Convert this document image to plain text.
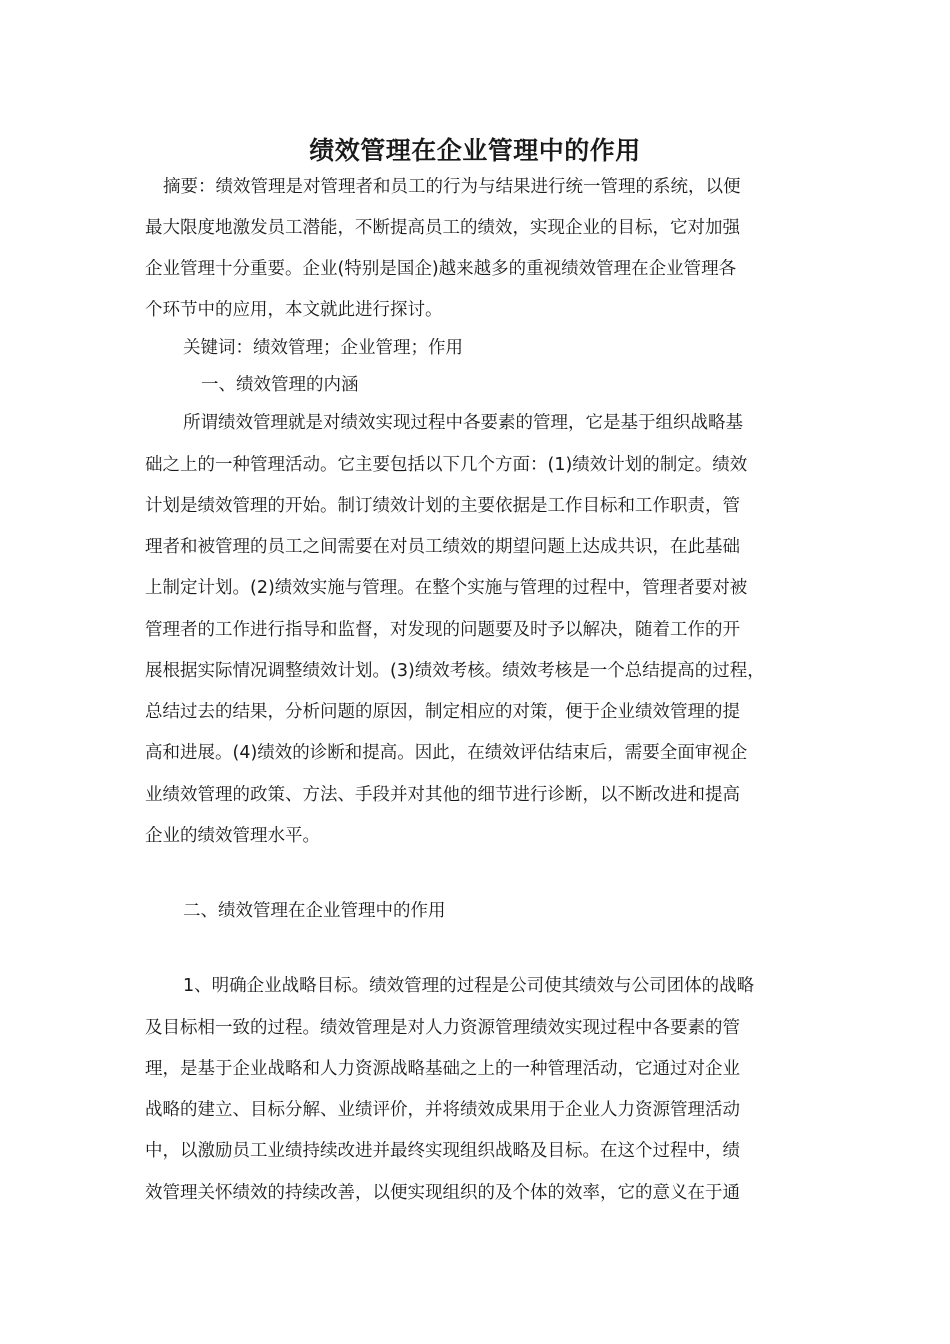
绩效管理在企业管理中的作用
摘要：绩效管理是对管理者和员工的行为与结果进行统一管理的系统，以便
最大限度地激发员工潜能，不断提高员工的绩效，实现企业的目标，它对加强
企业管理十分重要。企业(特别是国企)越来越多的重视绩效管理在企业管理各
个环节中的应用，本文就此进行探讨。
关键词：绩效管理；企业管理；作用
一、绩效管理的内涵
所谓绩效管理就是对绩效实现过程中各要素的管理，它是基于组织战略基
础之上的一种管理活动。它主要包括以下几个方面：(1)绩效计划的制定。绩效
计划是绩效管理的开始。制订绩效计划的主要依据是工作目标和工作职责，管
理者和被管理的员工之间需要在对员工绩效的期望问题上达成共识，在此基础
上制定计划。(2)绩效实施与管理。在整个实施与管理的过程中，管理者要对被
管理者的工作进行指导和监督，对发现的问题要及时予以解决，随着工作的开
展根据实际情况调整绩效计划。(3)绩效考核。绩效考核是一个总结提高的过程，
总结过去的结果，分析问题的原因，制定相应的对策，便于企业绩效管理的提
高和进展。(4)绩效的诊断和提高。因此，在绩效评估结束后，需要全面审视企
业绩效管理的政策、方法、手段并对其他的细节进行诊断，以不断改进和提高
企业的绩效管理水平。
二、绩效管理在企业管理中的作用
1、明确企业战略目标。绩效管理的过程是公司使其绩效与公司团体的战略
及目标相一致的过程。绩效管理是对人力资源管理绩效实现过程中各要素的管
理，是基于企业战略和人力资源战略基础之上的一种管理活动，它通过对企业
战略的建立、目标分解、业绩评价，并将绩效成果用于企业人力资源管理活动
中，以激励员工业绩持续改进并最终实现组织战略及目标。在这个过程中，绩
效管理关怀绩效的持续改善，以便实现组织的及个体的效率，它的意义在于通
